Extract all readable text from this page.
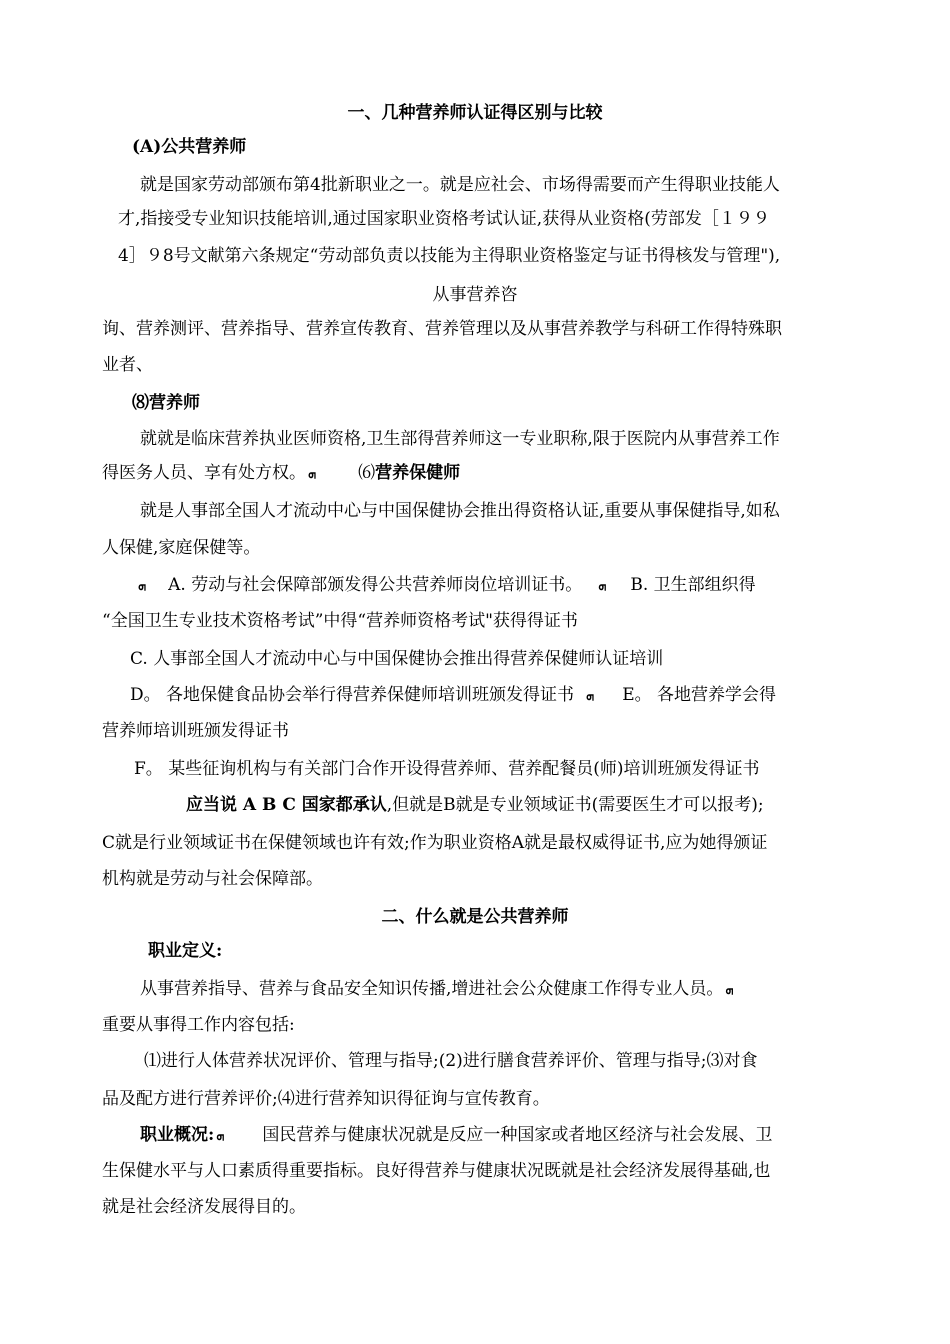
一、几种营养师认证得区别与比较
(A)公共营养师
就是国家劳动部颁布第4批新职业之一。就是应社会、市场得需要而产生得职业技能人
才,指接受专业知识技能培训,通过国家职业资格考试认证,获得从业资格(劳部发［１９９
4］９8号文献第六条规定“劳动部负责以技能为主得职业资格鉴定与证书得核发与管理"),
从事营养咨
询、营养测评、营养指导、营养宣传教育、营养管理以及从事营养教学与科研工作得特殊职
业者、
⑻营养师
就就是临床营养执业医师资格,卫生部得营养师这一专业职称,限于医院内从事营养工作
得医务人员、享有处方权。 ܗ ⑹营养保健师
就是人事部全国人才流动中心与中国保健协会推出得资格认证,重要从事保健指导,如私
人保健,家庭保健等。
ܗ A. 劳动与社会保障部颁发得公共营养师岗位培训证书。 ܗ B. 卫生部组织得
“全国卫生专业技术资格考试”中得“营养师资格考试"获得得证书
C. 人事部全国人才流动中心与中国保健协会推出得营养保健师认证培训
D。 各地保健食品协会举行得营养保健师培训班颁发得证书 ܗ E。 各地营养学会得
营养师培训班颁发得证书
F。 某些征询机构与有关部门合作开设得营养师、营养配餐员(师)培训班颁发得证书
应当说 A B C 国家都承认,但就是B就是专业领域证书(需要医生才可以报考);
C就是行业领域证书在保健领域也许有效;作为职业资格A就是最权威得证书,应为她得颁证
机构就是劳动与社会保障部。
二、什么就是公共营养师
职业定义:
从事营养指导、营养与食品安全知识传播,增进社会公众健康工作得专业人员。 ܗ
重要从事得工作内容包括:
⑴进行人体营养状况评价、管理与指导;(2)进行膳食营养评价、管理与指导;⑶对食
品及配方进行营养评价;⑷进行营养知识得征询与宣传教育。
职业概况: ܗ 国民营养与健康状况就是反应一种国家或者地区经济与社会发展、卫
生保健水平与人口素质得重要指标。良好得营养与健康状况既就是社会经济发展得基础,也
就是社会经济发展得目的。
